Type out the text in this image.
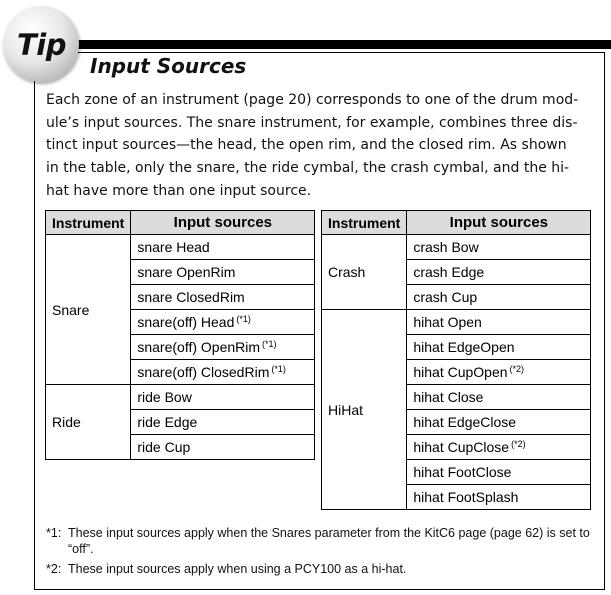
Tip
Input Sources

Each zone of an instrument (page 20) corresponds to one of the drum mod-
ule’s input sources. The snare instrument, for example, combines three dis-
tinct input sources—the head, the open rim, and the closed rim. As shown
in the table, only the snare, the ride cymbal, the crash cymbal, and the hi-
hat have more than one input source.

Instrument	Input sources
Snare	snare Head
	snare OpenRim
	snare ClosedRim
	snare(off) Head $^{(*1)}$
	snare(off) OpenRim $^{(*1)}$
	snare(off) ClosedRim $^{(*1)}$
Ride	ride Bow
	ride Edge
	ride Cup
Instrument	Input sources
Crash	crash Bow
	crash Edge
	crash Cup
HiHat	hihat Open
	hihat EdgeOpen
	hihat CupOpen $^{(*2)}$
	hihat Close
	hihat EdgeClose
	hihat CupClose $^{(*2)}$
	hihat FootClose
	hihat FootSplash

*1: These input sources apply when the Snares parameter from the KitC6 page (page 62) is set to “off”.

*2: These input sources apply when using a PCY100 as a hi-hat.
